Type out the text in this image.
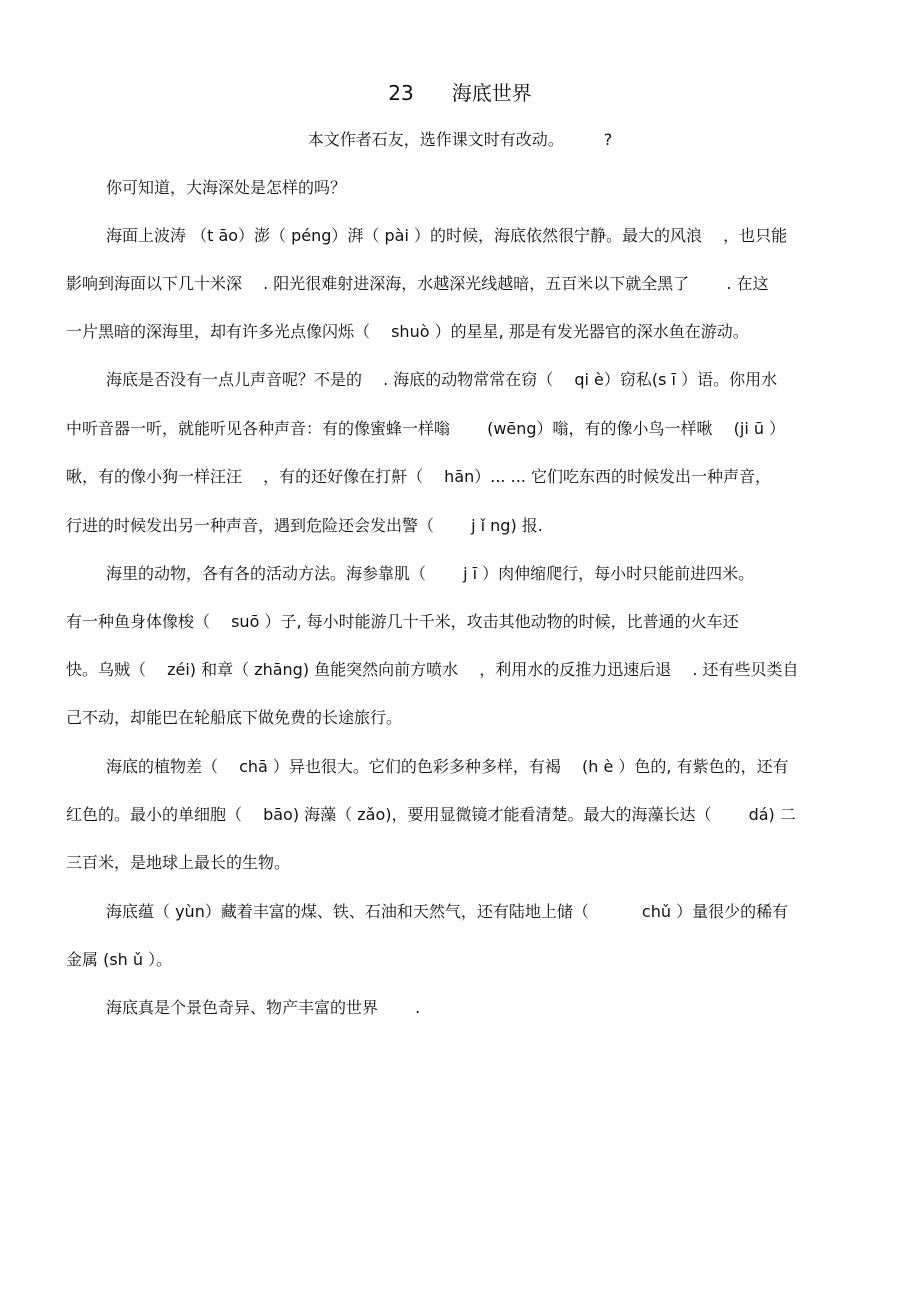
23 海底世界
本文作者石友，选作课文时有改动。	?
你可知道，大海深处是怎样的吗？
海面上波涛 （t āo）澎（ péng）湃（ pài ）的时候，海底依然很宁静。最大的风浪 　，也只能
影响到海面以下几十米深 　. 阳光很难射进深海，水越深光线越暗，五百米以下就全黑了 　　. 在这
一片黑暗的深海里，却有许多光点像闪烁（ 　shuò ）的星星, 那是有发光器官的深水鱼在游动。
海底是否没有一点儿声音呢？不是的 　. 海底的动物常常在窃（ 　qi è）窃私(s ī ）语。你用水
中听音器一听，就能听见各种声音：有的像蜜蜂一样嗡 　　(wēng）嗡，有的像小鸟一样啾 　(ji ū ）
啾，有的像小狗一样汪汪 　，有的还好像在打鼾（ 　hān）... ... 它们吃东西的时候发出一种声音，
行进的时候发出另一种声音，遇到危险还会发出警（ 　　j ǐ ng) 报.
海里的动物，各有各的活动方法。海参靠肌（ 　　j ī ）肉伸缩爬行，每小时只能前进四米。
有一种鱼身体像梭（ 　suō ）子, 每小时能游几十千米，攻击其他动物的时候，比普通的火车还
快。乌贼（ 　zéi) 和章（ zhāng) 鱼能突然向前方喷水 　，利用水的反推力迅速后退 　. 还有些贝类自
己不动，却能巴在轮船底下做免费的长途旅行。
海底的植物差（ 　chā ）异也很大。它们的色彩多种多样，有褐 　(h è ）色的, 有紫色的，还有
红色的。最小的单细胞（ 　bāo) 海藻（ zǎo)，要用显微镜才能看清楚。最大的海藻长达（ 　　dá) 二
三百米，是地球上最长的生物。
海底蕴（ yùn）藏着丰富的煤、铁、石油和天然气，还有陆地上储（ 　　　chǔ ）量很少的稀有
金属 (sh ǔ ）。
海底真是个景色奇异、物产丰富的世界 　　.
